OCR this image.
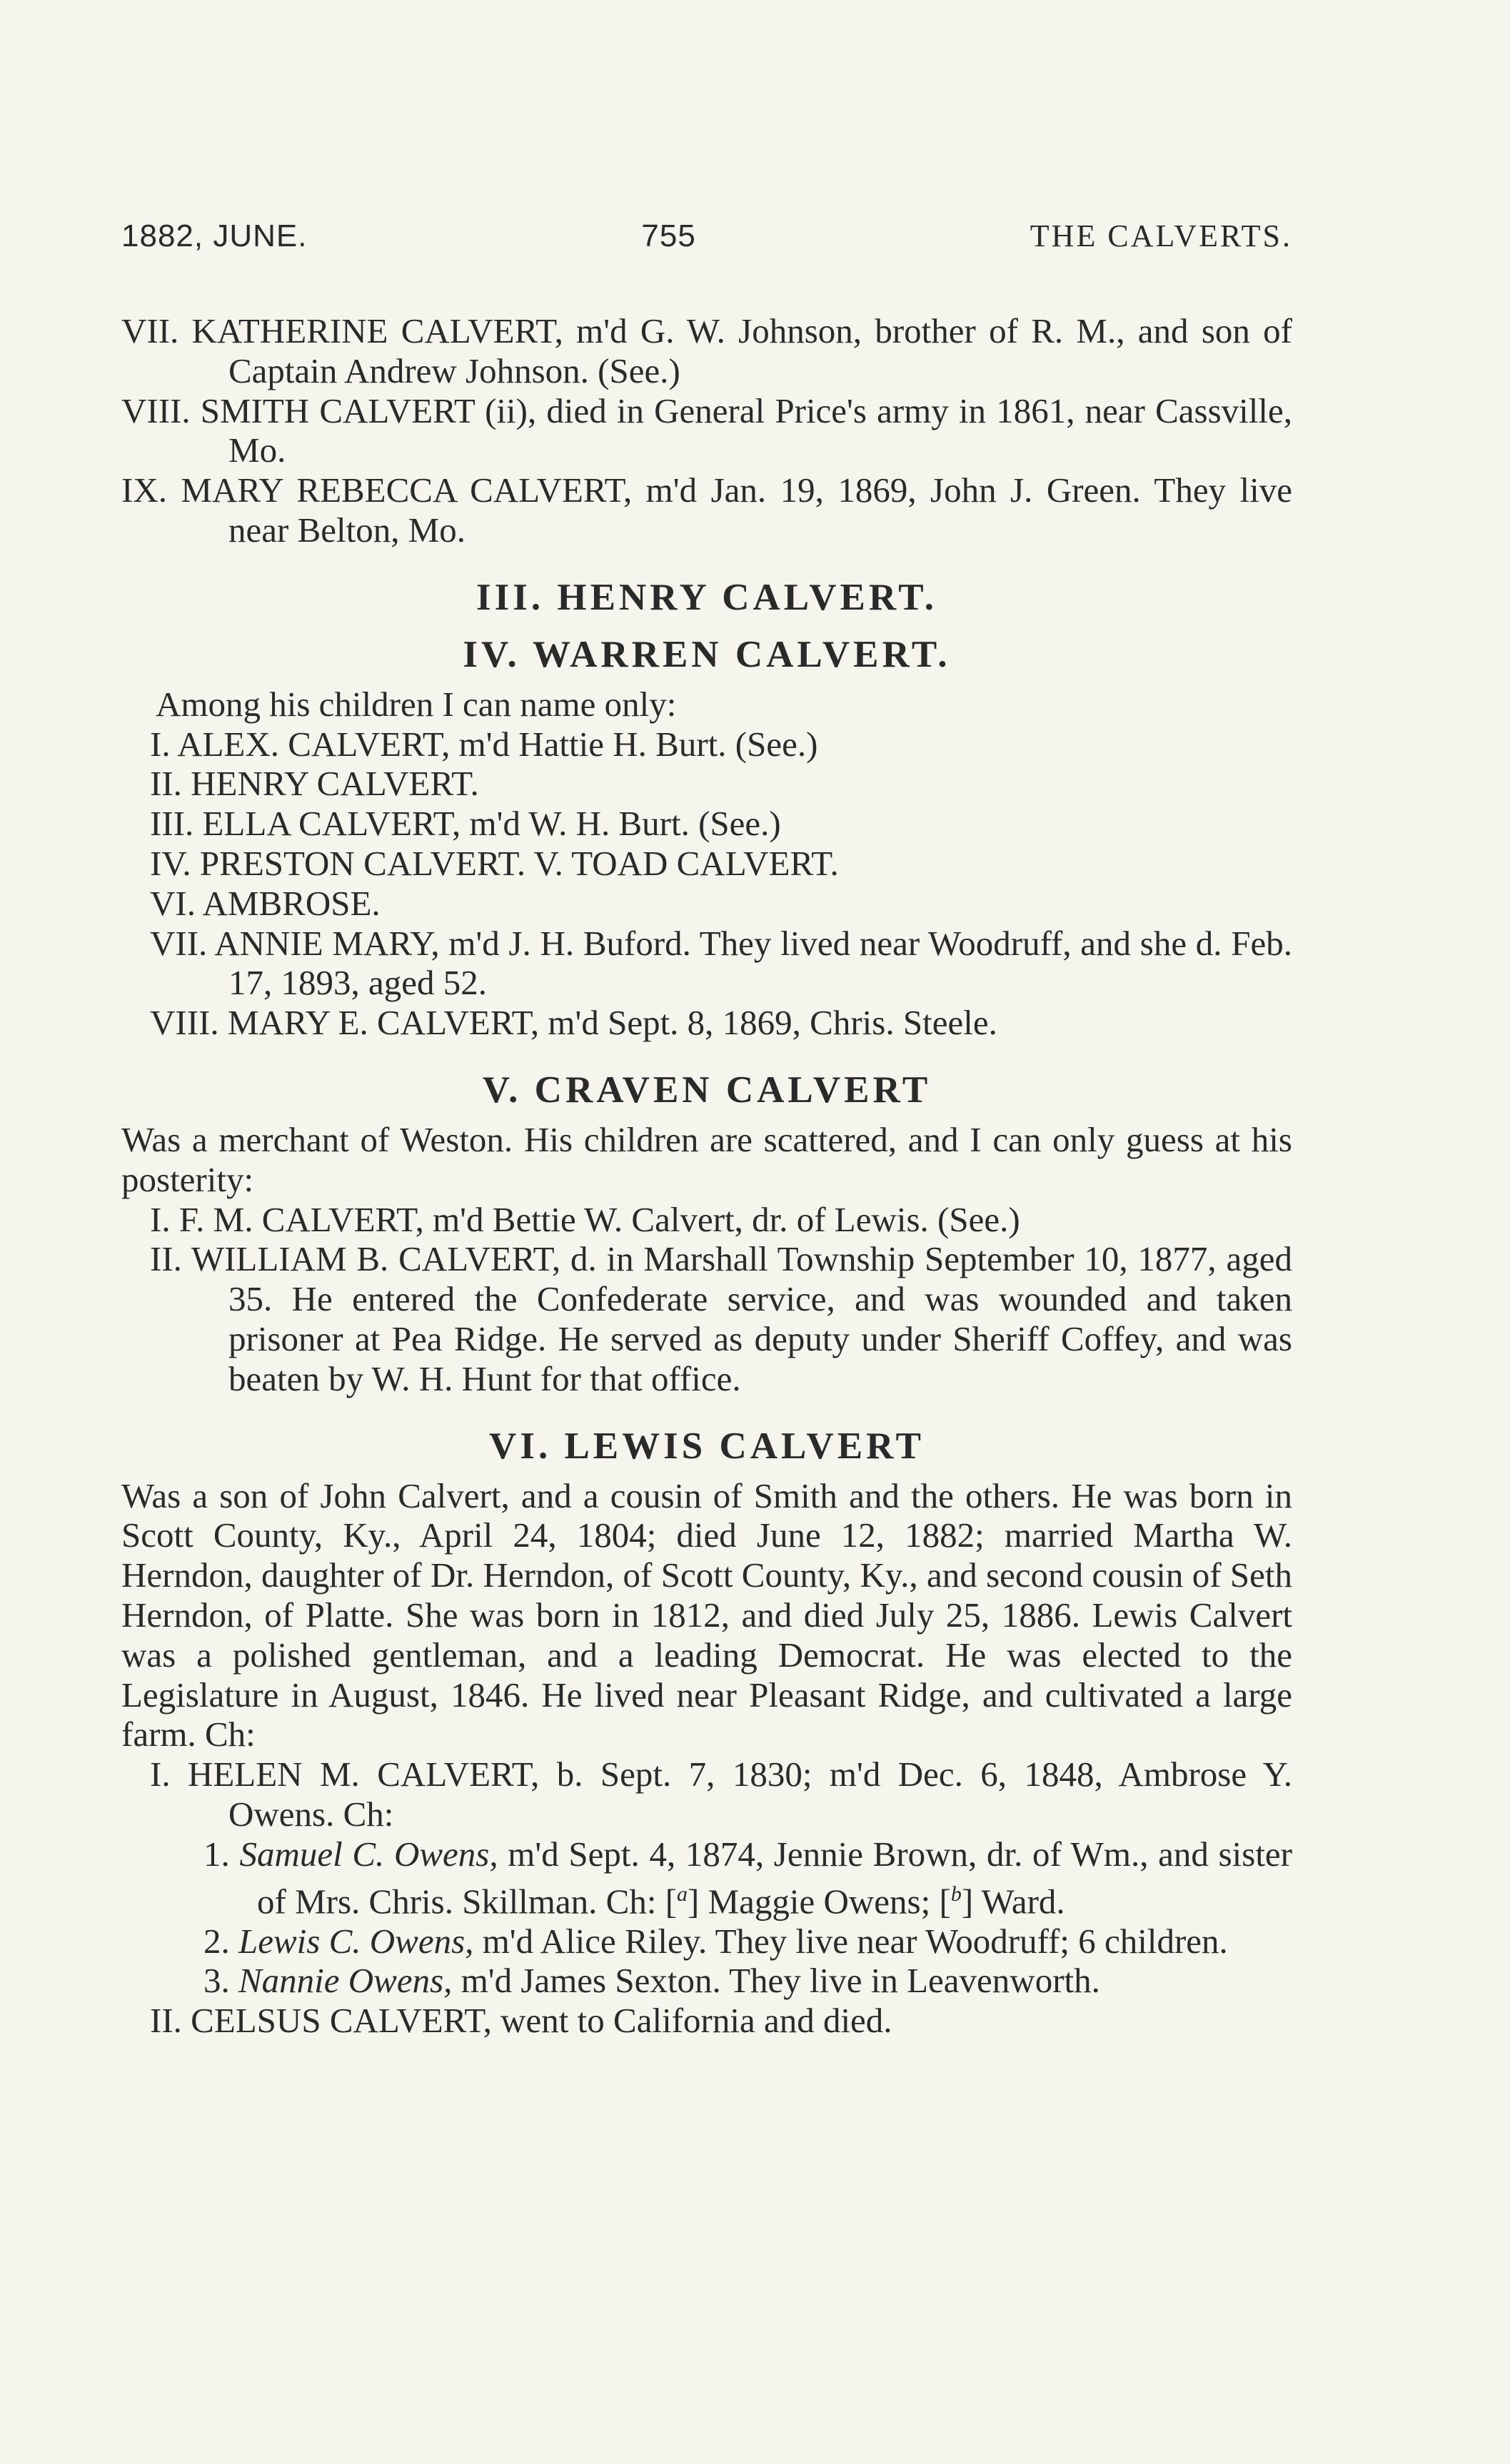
1882, JUNE.	755	THE CALVERTS.

VII. KATHERINE CALVERT, m'd G. W. Johnson, brother of R. M., and son of Captain Andrew Johnson. (See.)

VIII. SMITH CALVERT (ii), died in General Price's army in 1861, near Cassville, Mo.

IX. MARY REBECCA CALVERT, m'd Jan. 19, 1869, John J. Green. They live near Belton, Mo.

III. HENRY CALVERT.
IV. WARREN CALVERT.

Among his children I can name only:

I. ALEX. CALVERT, m'd Hattie H. Burt. (See.)

II. HENRY CALVERT.

III. ELLA CALVERT, m'd W. H. Burt. (See.)

IV. PRESTON CALVERT. V. TOAD CALVERT.

VI. AMBROSE.

VII. ANNIE MARY, m'd J. H. Buford. They lived near Woodruff, and she d. Feb. 17, 1893, aged 52.

VIII. MARY E. CALVERT, m'd Sept. 8, 1869, Chris. Steele.

V. CRAVEN CALVERT

Was a merchant of Weston. His children are scattered, and I can only guess at his posterity:

I. F. M. CALVERT, m'd Bettie W. Calvert, dr. of Lewis. (See.)

II. WILLIAM B. CALVERT, d. in Marshall Township September 10, 1877, aged 35. He entered the Confederate service, and was wounded and taken prisoner at Pea Ridge. He served as deputy under Sheriff Coffey, and was beaten by W. H. Hunt for that office.

VI. LEWIS CALVERT

Was a son of John Calvert, and a cousin of Smith and the others. He was born in Scott County, Ky., April 24, 1804; died June 12, 1882; married Martha W. Herndon, daughter of Dr. Herndon, of Scott County, Ky., and second cousin of Seth Herndon, of Platte. She was born in 1812, and died July 25, 1886. Lewis Calvert was a polished gentleman, and a leading Democrat. He was elected to the Legislature in August, 1846. He lived near Pleasant Ridge, and cultivated a large farm. Ch:

I. HELEN M. CALVERT, b. Sept. 7, 1830; m'd Dec. 6, 1848, Ambrose Y. Owens. Ch:

1. Samuel C. Owens, m'd Sept. 4, 1874, Jennie Brown, dr. of Wm., and sister of Mrs. Chris. Skillman. Ch: [$^a$] Maggie Owens; [$^b$] Ward.

2. Lewis C. Owens, m'd Alice Riley. They live near Woodruff; 6 children.

3. Nannie Owens, m'd James Sexton. They live in Leavenworth.

II. CELSUS CALVERT, went to California and died.
